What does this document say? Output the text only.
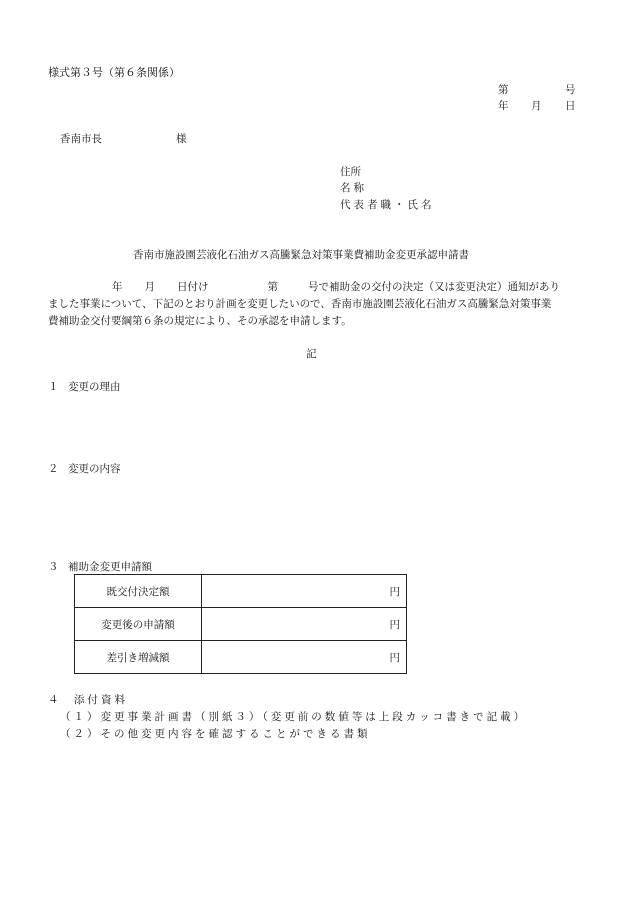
様式第３号（第６条関係）
第	号
年 月 日
香南市長	様
住所
名称
代表者職・氏名
香南市施設園芸液化石油ガス高騰緊急対策事業費補助金変更承認申請書
年 月 日付け	第	号で補助金の交付の決定（又は変更決定）通知があり
ました事業について、下記のとおり計画を変更したいので、香南市施設園芸液化石油ガス高騰緊急対策事業
費補助金交付要綱第６条の規定により、その承認を申請します。
記
１ 変更の理由
２ 変更の内容
３ 補助金変更申請額
既交付決定額	円
変更後の申請額	円
差引き増減額	円
４ 添付資料
（１）変更事業計画書（別紙３）（変更前の数値等は上段カッコ書きで記載）
（２）その他変更内容を確認することができる書類
